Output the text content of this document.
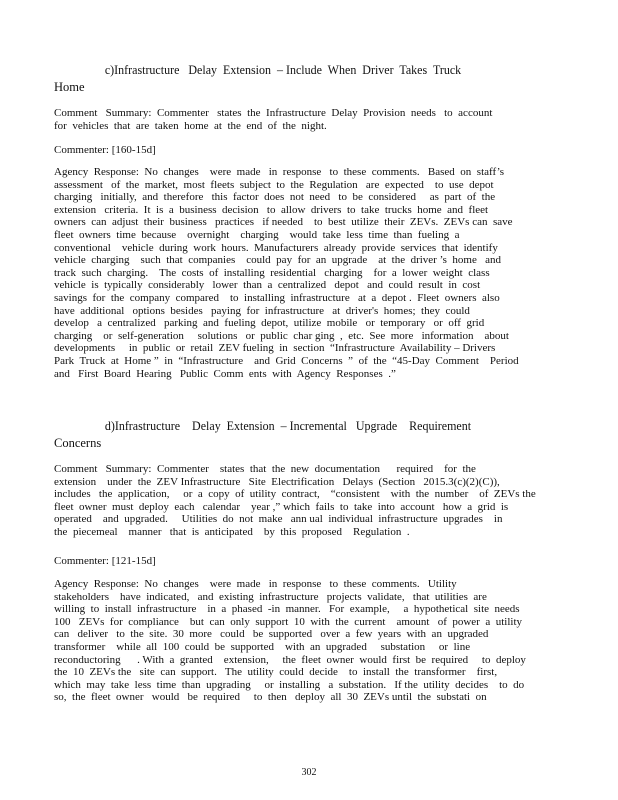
c)Infrastructure   Delay  Extension  – Include  When  Driver  Takes  Truck
Home
Comment   Summary:  Commenter   states  the  Infrastructure  Delay  Provision  needs   to  account
for  vehicles  that  are  taken  home  at  the  end  of  the  night.
Commenter: [160-15d]
Agency  Response:  No  changes    were  made   in  response   to  these  comments.   Based  on  staff’s
assessment   of  the  market,  most  fleets  subject  to  the  Regulation   are  expected    to  use  depot
charging   initially,  and  therefore   this  factor  does  not  need   to  be  considered     as  part  of  the
extension   criteria.  It  is  a  business  decision   to  allow  drivers  to  take  trucks  home  and  fleet
owners  can  adjust  their  business   practices   if needed    to  best  utilize  their  ZEVs.  ZEVs can  save
fleet  owners  time  because    overnight    charging    would  take  less  time  than  fueling  a
conventional    vehicle  during  work  hours.  Manufacturers  already  provide  services  that  identify
vehicle  charging    such  that  companies    could  pay  for  an  upgrade    at  the  driver ’s  home   and
track  such  charging.    The  costs  of  installing  residential   charging    for  a  lower  weight  class
vehicle  is  typically  considerably   lower  than  a  centralized   depot   and  could  result  in  cost
savings  for  the  company  compared    to  installing  infrastructure   at  a  depot .  Fleet  owners  also
have  additional   options  besides   paying  for  infrastructure   at  driver's  homes;  they  could
develop   a  centralized   parking  and  fueling  depot,  utilize  mobile   or  temporary   or  off  grid
charging    or  self-generation     solutions   or  public  char ging  ,  etc.  See  more   information    about
developments     in  public  or  retail  ZEV fueling  in  section  “Infrastructure  Availability – Drivers
Park  Truck  at  Home ”  in  “Infrastructure    and  Grid  Concerns  ”  of  the  “45-Day  Comment    Period
and   First  Board  Hearing   Public  Comm  ents  with  Agency  Responses  .”
d)Infrastructure    Delay  Extension  – Incremental   Upgrade    Requirement
Concerns
Comment   Summary:  Commenter    states  that  the  new  documentation      required    for  the
extension    under  the  ZEV Infrastructure   Site  Electrification   Delays  (Section   2015.3(c)(2)(C)),
includes   the  application,     or  a  copy  of  utility  contract,    “consistent    with  the  number    of  ZEVs the
fleet  owner  must  deploy  each   calendar    year ,” which  fails  to  take  into  account   how  a  grid  is
operated    and  upgraded.     Utilities  do  not  make   ann ual  individual  infrastructure  upgrades    in
the  piecemeal    manner   that  is  anticipated    by  this  proposed    Regulation  .
Commenter: [121-15d]
Agency  Response:  No  changes    were  made   in  response   to  these  comments.   Utility
stakeholders    have  indicated,   and  existing  infrastructure   projects  validate,   that  utilities  are
willing  to  install  infrastructure    in  a  phased  -in  manner.   For  example,     a  hypothetical  site  needs
100   ZEVs  for  compliance    but  can  only  support  10  with  the  current    amount   of  power  a  utility
can   deliver   to  the  site.  30  more   could   be  supported   over  a  few  years  with  an  upgraded
transformer    while  all  100  could  be  supported    with  an  upgraded     substation     or  line
reconductoring      . With  a  granted    extension,     the  fleet  owner  would  first  be  required     to  deploy
the  10  ZEVs the   site  can  support.   The  utility  could  decide    to  install  the  transformer    first,
which  may  take  less  time  than  upgrading     or  installing   a  substation.   If the  utility  decides    to  do
so,  the  fleet  owner   would   be  required     to  then   deploy  all  30  ZEVs until  the  substati  on
302
